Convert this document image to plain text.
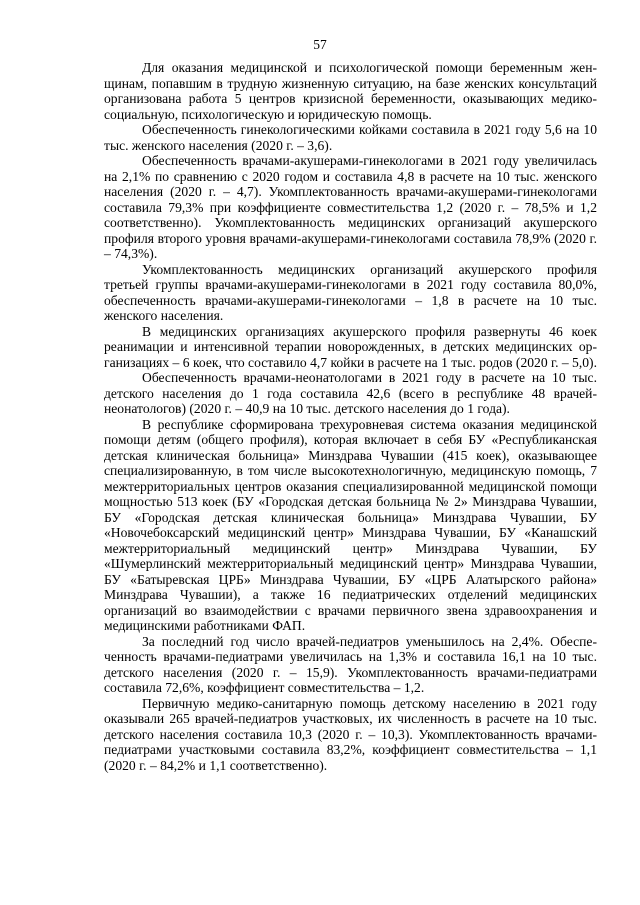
57

Для оказания медицинской и психологической помощи беременным женщинам, попавшим в трудную жизненную ситуацию, на базе женских консультаций организована работа 5 центров кризисной беременности, оказывающих медико-социальную, психологическую и юридическую помощь.

Обеспеченность гинекологическими койками составила в 2021 году 5,6 на 10 тыс. женского населения (2020 г. – 3,6).

Обеспеченность врачами-акушерами-гинекологами в 2021 году увеличилась на 2,1% по сравнению с 2020 годом и составила 4,8 в расчете на 10 тыс. женского населения (2020 г. – 4,7). Укомплектованность врачами-акушерами-гинекологами составила 79,3% при коэффициенте совместительства 1,2 (2020 г. – 78,5% и 1,2 соответственно). Укомплектованность медицинских организаций акушерского профиля второго уровня врачами-акушерами-гинекологами составила 78,9% (2020 г. – 74,3%).

Укомплектованность медицинских организаций акушерского профиля третьей группы врачами-акушерами-гинекологами в 2021 году составила 80,0%, обеспеченность врачами-акушерами-гинекологами – 1,8 в расчете на 10 тыс. женского населения.

В медицинских организациях акушерского профиля развернуты 46 коек реанимации и интенсивной терапии новорожденных, в детских медицинских организациях – 6 коек, что составило 4,7 койки в расчете на 1 тыс. родов (2020 г. – 5,0).

Обеспеченность врачами-неонатологами в 2021 году в расчете на 10 тыс. детского населения до 1 года составила 42,6 (всего в республике 48 врачей-неонатологов) (2020 г. – 40,9 на 10 тыс. детского населения до 1 года).

В республике сформирована трехуровневая система оказания медицинской помощи детям (общего профиля), которая включает в себя БУ «Республиканская детская клиническая больница» Минздрава Чувашии (415 коек), оказывающее специализированную, в том числе высокотехнологичную, медицинскую помощь, 7 межтерриториальных центров оказания специализированной медицинской помощи мощностью 513 коек (БУ «Городская детская больница № 2» Минздрава Чувашии, БУ «Городская детская клиническая больница» Минздрава Чувашии, БУ «Новочебоксарский медицинский центр» Минздрава Чувашии, БУ «Канашский межтерриториальный медицинский центр» Минздрава Чувашии, БУ «Шумерлинский межтерриториальный медицинский центр» Минздрава Чувашии, БУ «Батыревская ЦРБ» Минздрава Чувашии, БУ «ЦРБ Алатырского района» Минздрава Чувашии), а также 16 педиатрических отделений медицинских организаций во взаимодействии с врачами первичного звена здравоохранения и медицинскими работниками ФАП.

За последний год число врачей-педиатров уменьшилось на 2,4%. Обеспеченность врачами-педиатрами увеличилась на 1,3% и составила 16,1 на 10 тыс. детского населения (2020 г. – 15,9). Укомплектованность врачами-педиатрами составила 72,6%, коэффициент совместительства – 1,2.

Первичную медико-санитарную помощь детскому населению в 2021 году оказывали 265 врачей-педиатров участковых, их численность в расчете на 10 тыс. детского населения составила 10,3 (2020 г. – 10,3). Укомплектованность врачами-педиатрами участковыми составила 83,2%, коэффициент совместительства – 1,1 (2020 г. – 84,2% и 1,1 соответственно).
